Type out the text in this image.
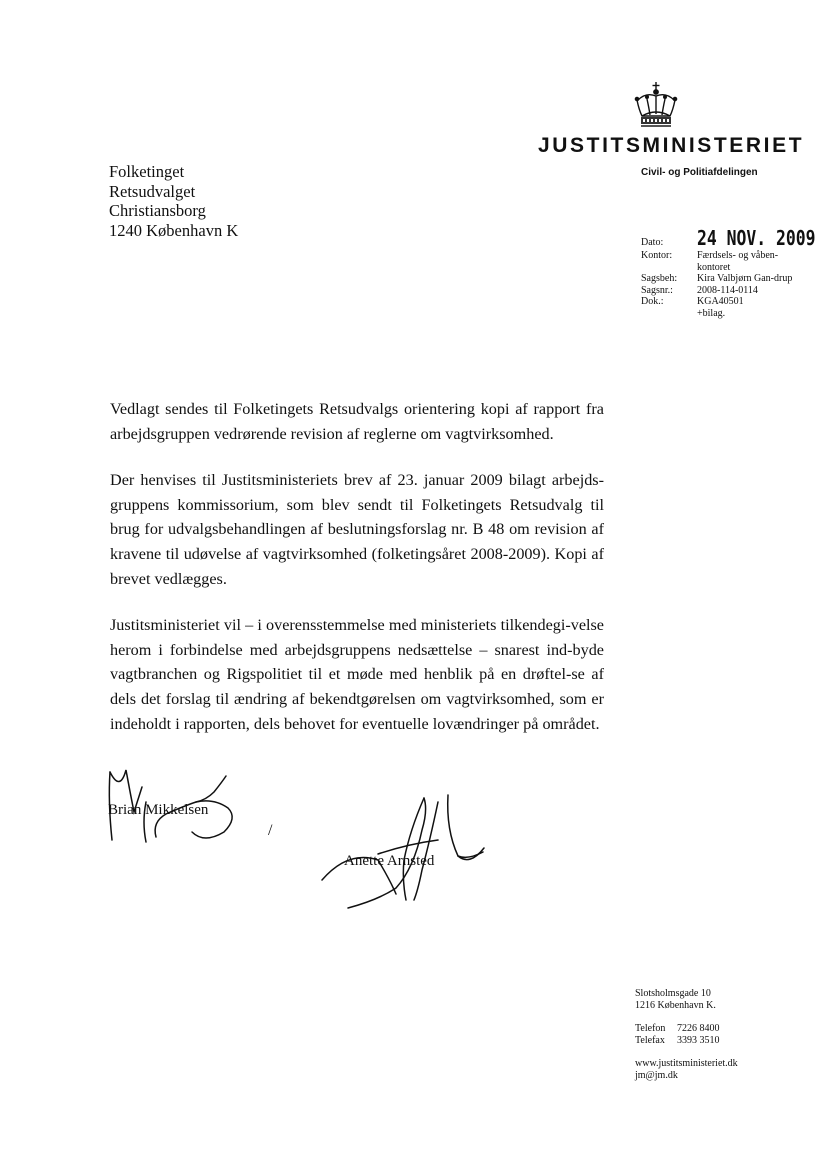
JUSTITSMINISTERIET
Civil- og Politiafdelingen
Folketinget
Retsudvalget
Christiansborg
1240 København K
Dato:	24 NOV. 2009
Kontor:	Færdsels- og våben-kontoret
Sagsbeh:	Kira Valbjørn Gan-drup
Sagsnr.:	2008-114-0114
Dok.:	KGA40501
+bilag.

Vedlagt sendes til Folketingets Retsudvalgs orientering kopi af rapport fra arbejdsgruppen vedrørende revision af reglerne om vagtvirksomhed.

Der henvises til Justitsministeriets brev af 23. januar 2009 bilagt arbejds-gruppens kommissorium, som blev sendt til Folketingets Retsudvalg til brug for udvalgsbehandlingen af beslutningsforslag nr. B 48 om revision af kravene til udøvelse af vagtvirksomhed (folketingsåret 2008-2009). Kopi af brevet vedlægges.

Justitsministeriet vil – i overensstemmelse med ministeriets tilkendegi-velse herom i forbindelse med arbejdsgruppens nedsættelse – snarest ind-byde vagtbranchen og Rigspolitiet til et møde med henblik på en drøftel-se af dels det forslag til ændring af bekendtgørelsen om vagtvirksomhed, som er indeholdt i rapporten, dels behovet for eventuelle lovændringer på området.

Brian Mikkelsen
/
Anette Arnsted
Slotsholmsgade 10
1216 København K.
Telefon	7226 8400
Telefax	3393 3510
www.justitsministeriet.dk
jm@jm.dk
